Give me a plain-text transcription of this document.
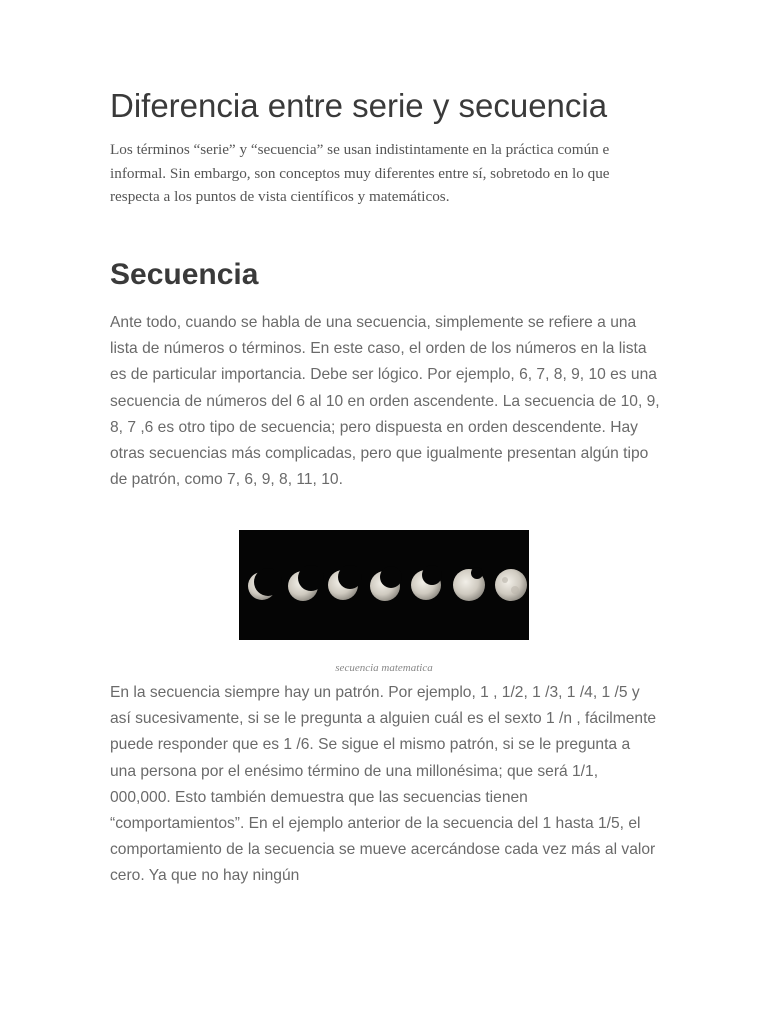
Diferencia entre serie y secuencia

Los términos “serie” y “secuencia” se usan indistintamente en la práctica común e informal. Sin embargo, son conceptos muy diferentes entre sí, sobretodo en lo que respecta a los puntos de vista científicos y matemáticos.

Secuencia

Ante todo, cuando se habla de una secuencia, simplemente se refiere a una lista de números o términos. En este caso, el orden de los números en la lista es de particular importancia. Debe ser lógico. Por ejemplo, 6, 7, 8, 9, 10 es una secuencia de números del 6 al 10 en orden ascendente. La secuencia de 10, 9, 8, 7 ,6 es otro tipo de secuencia; pero dispuesta en orden descendente. Hay otras secuencias más complicadas, pero que igualmente presentan algún tipo de patrón, como 7, 6, 9, 8, 11, 10.

En la secuencia siempre hay un patrón. Por ejemplo, 1 , 1/2, 1 /3, 1 /4, 1 /5 y así sucesivamente, si se le pregunta a alguien cuál es el sexto 1 /n , fácilmente puede responder que es 1 /6. Se sigue el mismo patrón, si se le pregunta a una persona por el enésimo término de una millonésima; que será 1/1, 000,000. Esto también demuestra que las secuencias tienen “comportamientos”. En el ejemplo anterior de la secuencia del 1 hasta 1/5, el comportamiento de la secuencia se mueve acercándose cada vez más al valor cero. Ya que no hay ningún

secuencia matematica
